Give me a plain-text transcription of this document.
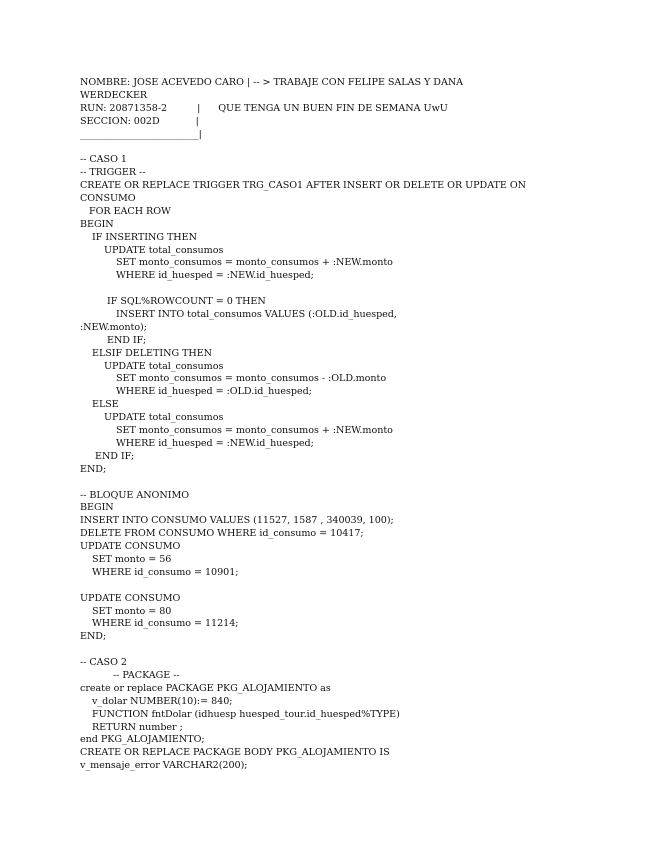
NOMBRE: JOSE ACEVEDO CARO | -- > TRABAJE CON FELIPE SALAS Y DANA
WERDECKER
RUN: 20871358-2          |      QUE TENGA UN BUEN FIN DE SEMANA UwU
SECCION: 002D            |
_________________________|
-- CASO 1
-- TRIGGER --
CREATE OR REPLACE TRIGGER TRG_CASO1 AFTER INSERT OR DELETE OR UPDATE ON
CONSUMO
FOR EACH ROW
BEGIN
IF INSERTING THEN
UPDATE total_consumos
SET monto_consumos = monto_consumos + :NEW.monto
WHERE id_huesped = :NEW.id_huesped;
IF SQL%ROWCOUNT = 0 THEN
INSERT INTO total_consumos VALUES (:OLD.id_huesped,
:NEW.monto);
END IF;
ELSIF DELETING THEN
UPDATE total_consumos
SET monto_consumos = monto_consumos - :OLD.monto
WHERE id_huesped = :OLD.id_huesped;
ELSE
UPDATE total_consumos
SET monto_consumos = monto_consumos + :NEW.monto
WHERE id_huesped = :NEW.id_huesped;
END IF;
END;
-- BLOQUE ANONIMO
BEGIN
INSERT INTO CONSUMO VALUES (11527, 1587 , 340039, 100);
DELETE FROM CONSUMO WHERE id_consumo = 10417;
UPDATE CONSUMO
SET monto = 56
WHERE id_consumo = 10901;
UPDATE CONSUMO
SET monto = 80
WHERE id_consumo = 11214;
END;
-- CASO 2
-- PACKAGE --
create or replace PACKAGE PKG_ALOJAMIENTO as
v_dolar NUMBER(10):= 840;
FUNCTION fntDolar (idhuesp huesped_tour.id_huesped%TYPE)
RETURN number ;
end PKG_ALOJAMIENTO;
CREATE OR REPLACE PACKAGE BODY PKG_ALOJAMIENTO IS
v_mensaje_error VARCHAR2(200);
